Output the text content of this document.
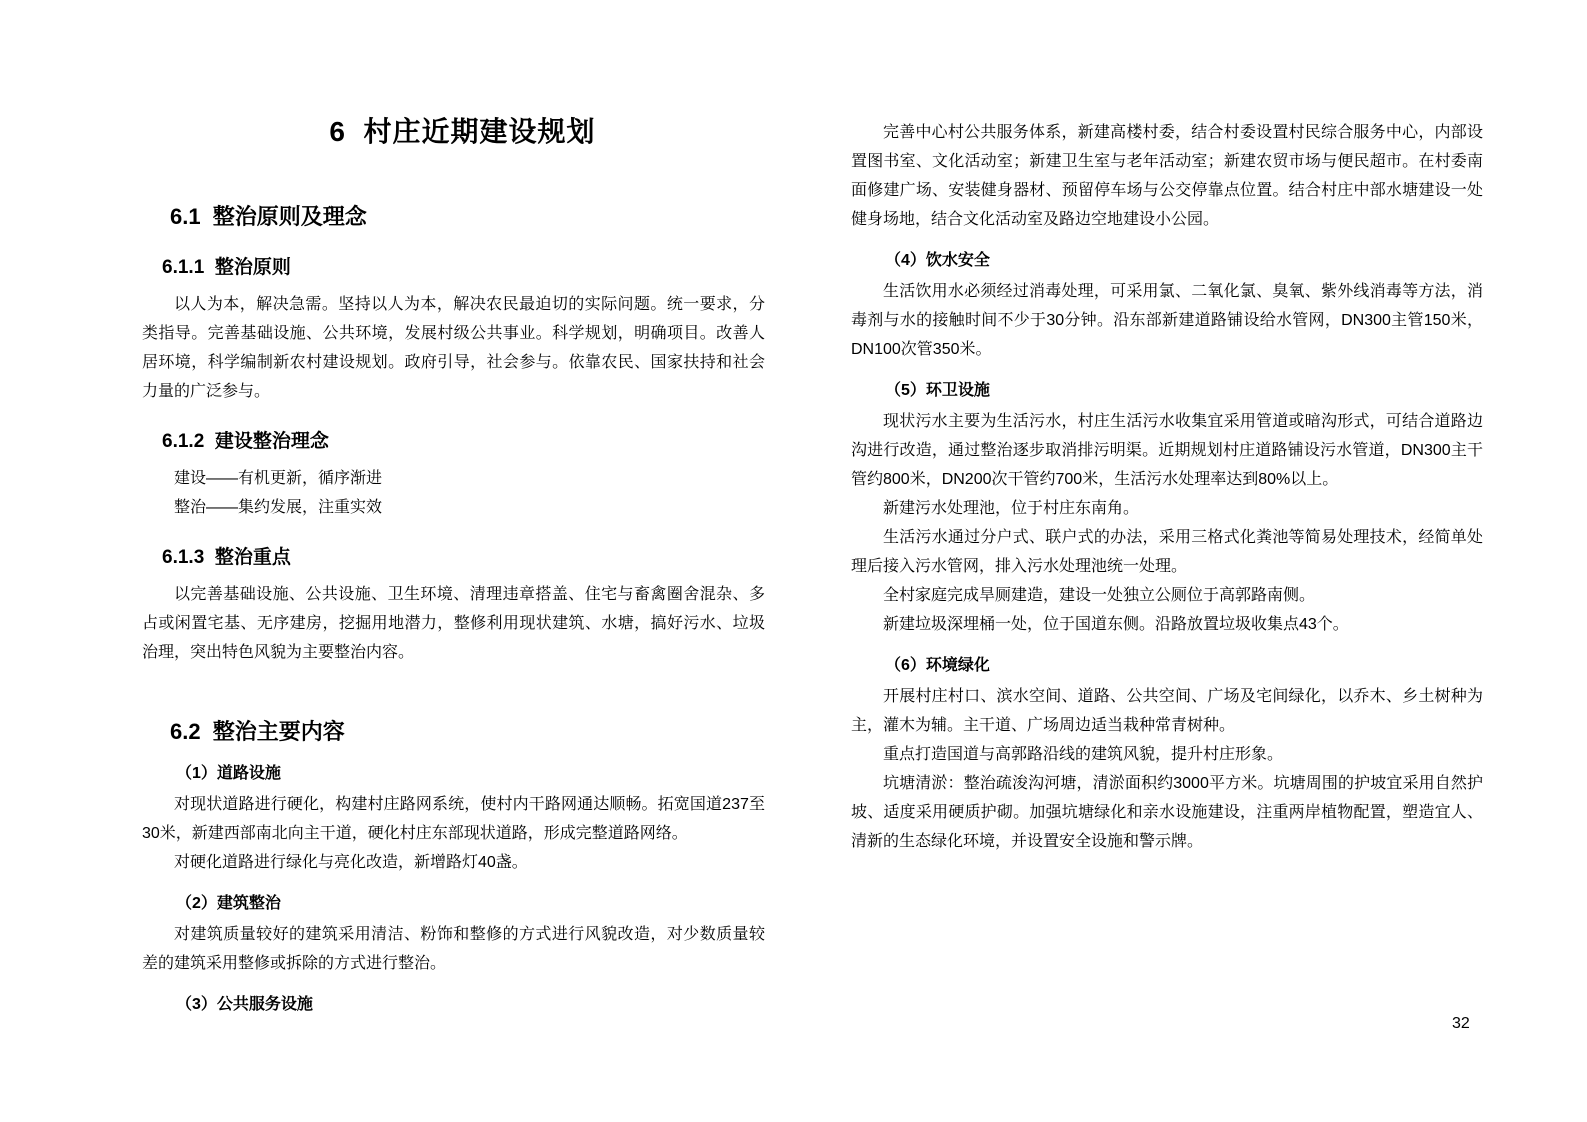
6  村庄近期建设规划
6.1  整治原则及理念
6.1.1  整治原则
以人为本，解决急需。坚持以人为本，解决农民最迫切的实际问题。统一要求，分类指导。完善基础设施、公共环境，发展村级公共事业。科学规划，明确项目。改善人居环境，科学编制新农村建设规划。政府引导，社会参与。依靠农民、国家扶持和社会力量的广泛参与。
6.1.2  建设整治理念
建设——有机更新，循序渐进
整治——集约发展，注重实效
6.1.3  整治重点
以完善基础设施、公共设施、卫生环境、清理违章搭盖、住宅与畜禽圈舍混杂、多占或闲置宅基、无序建房，挖掘用地潜力，整修利用现状建筑、水塘，搞好污水、垃圾治理，突出特色风貌为主要整治内容。
6.2  整治主要内容
（1）道路设施
对现状道路进行硬化，构建村庄路网系统，使村内干路网通达顺畅。拓宽国道237至30米，新建西部南北向主干道，硬化村庄东部现状道路，形成完整道路网络。
对硬化道路进行绿化与亮化改造，新增路灯40盏。
（2）建筑整治
对建筑质量较好的建筑采用清洁、粉饰和整修的方式进行风貌改造，对少数质量较差的建筑采用整修或拆除的方式进行整治。
（3）公共服务设施
完善中心村公共服务体系，新建高楼村委，结合村委设置村民综合服务中心，内部设置图书室、文化活动室；新建卫生室与老年活动室；新建农贸市场与便民超市。在村委南面修建广场、安装健身器材、预留停车场与公交停靠点位置。结合村庄中部水塘建设一处健身场地，结合文化活动室及路边空地建设小公园。
（4）饮水安全
生活饮用水必须经过消毒处理，可采用氯、二氧化氯、臭氧、紫外线消毒等方法，消毒剂与水的接触时间不少于30分钟。沿东部新建道路铺设给水管网，DN300主管150米，DN100次管350米。
（5）环卫设施
现状污水主要为生活污水，村庄生活污水收集宜采用管道或暗沟形式，可结合道路边沟进行改造，通过整治逐步取消排污明渠。近期规划村庄道路铺设污水管道，DN300主干管约800米，DN200次干管约700米，生活污水处理率达到80%以上。
新建污水处理池，位于村庄东南角。
生活污水通过分户式、联户式的办法，采用三格式化粪池等简易处理技术，经简单处理后接入污水管网，排入污水处理池统一处理。
全村家庭完成旱厕建造，建设一处独立公厕位于高郭路南侧。
新建垃圾深埋桶一处，位于国道东侧。沿路放置垃圾收集点43个。
（6）环境绿化
开展村庄村口、滨水空间、道路、公共空间、广场及宅间绿化，以乔木、乡土树种为主，灌木为辅。主干道、广场周边适当栽种常青树种。
重点打造国道与高郭路沿线的建筑风貌，提升村庄形象。
坑塘清淤：整治疏浚沟河塘，清淤面积约3000平方米。坑塘周围的护坡宜采用自然护坡、适度采用硬质护砌。加强坑塘绿化和亲水设施建设，注重两岸植物配置，塑造宜人、清新的生态绿化环境，并设置安全设施和警示牌。
32
